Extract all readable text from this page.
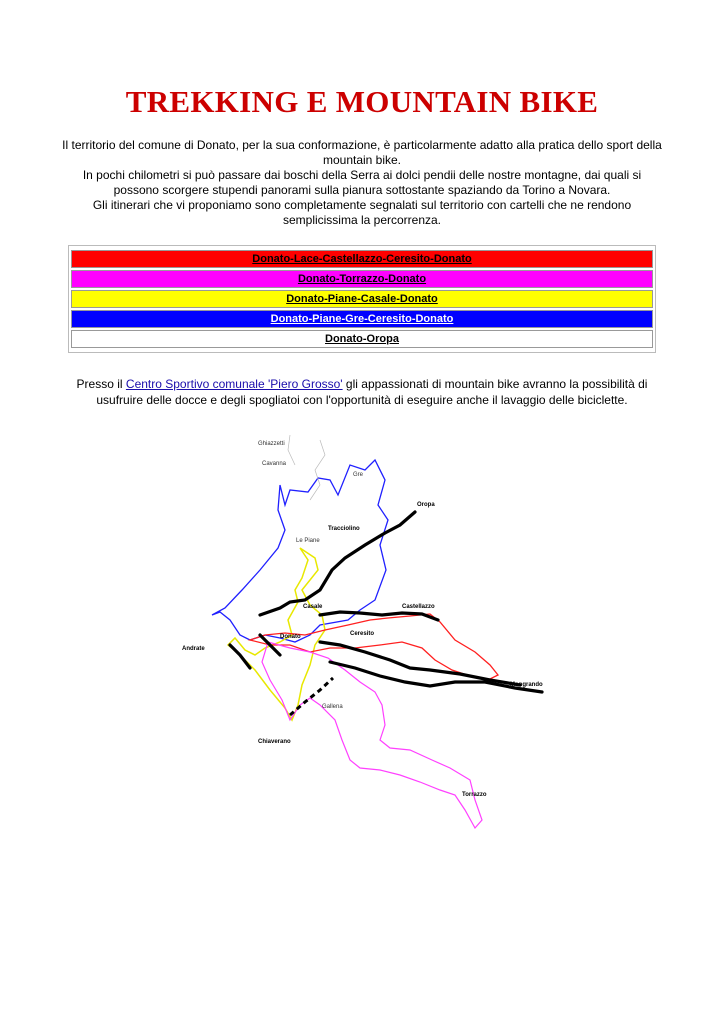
TREKKING E MOUNTAIN BIKE

Il territorio del comune di Donato, per la sua conformazione, è particolarmente adatto alla pratica dello sport della mountain bike.

In pochi chilometri si può passare dai boschi della Serra ai dolci pendii delle nostre montagne, dai quali si possono scorgere stupendi panorami sulla pianura sottostante spaziando da Torino a Novara.

Gli itinerari che vi proponiamo sono completamente segnalati sul territorio con cartelli che ne rendono semplicissima la percorrenza.

Donato-Lace-Castellazzo-Ceresito-Donato
Donato-Torrazzo-Donato
Donato-Piane-Casale-Donato
Donato-Piane-Gre-Ceresito-Donato
Donato-Oropa
Presso il Centro Sportivo comunale 'Piero Grosso' gli appassionati di mountain bike avranno la possibilità di usufruire delle docce e degli spogliatoi con l'opportunità di eseguire anche il lavaggio delle biciclette.
Ghiazzetti
Cavanna
Gre
Oropa
Tracciolino
Le Piane
Casale	Castellazzo
Donato	Ceresito
Andrate
Mongrando
Gallena
Chiaverano
Torrazzo
